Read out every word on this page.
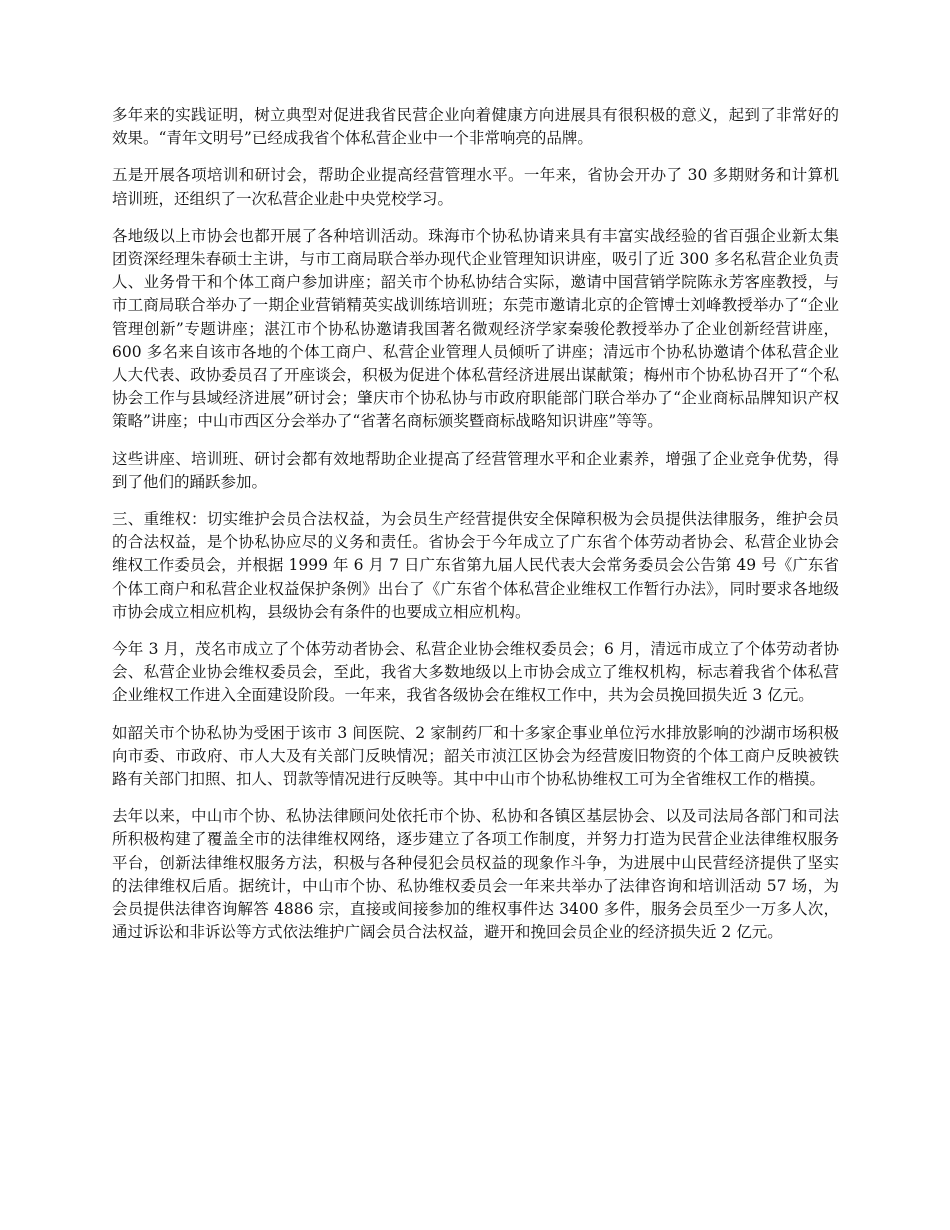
多年来的实践证明，树立典型对促进我省民营企业向着健康方向进展具有很积极的意义，起到了非常好的效果。“青年文明号”已经成我省个体私营企业中一个非常响亮的品牌。

五是开展各项培训和研讨会，帮助企业提高经营管理水平。一年来，省协会开办了 30 多期财务和计算机培训班，还组织了一次私营企业赴中央党校学习。

各地级以上市协会也都开展了各种培训活动。珠海市个协私协请来具有丰富实战经验的省百强企业新太集团资深经理朱春硕士主讲，与市工商局联合举办现代企业管理知识讲座，吸引了近 300 多名私营企业负责人、业务骨干和个体工商户参加讲座；韶关市个协私协结合实际，邀请中国营销学院陈永芳客座教授，与市工商局联合举办了一期企业营销精英实战训练培训班；东莞市邀请北京的企管博士刘峰教授举办了“企业管理创新”专题讲座；湛江市个协私协邀请我国著名微观经济学家秦骏伦教授举办了企业创新经营讲座，600 多名来自该市各地的个体工商户、私营企业管理人员倾听了讲座；清远市个协私协邀请个体私营企业人大代表、政协委员召了开座谈会，积极为促进个体私营经济进展出谋献策；梅州市个协私协召开了“个私协会工作与县域经济进展”研讨会；肇庆市个协私协与市政府职能部门联合举办了“企业商标品牌知识产权策略”讲座；中山市西区分会举办了“省著名商标颁奖暨商标战略知识讲座”等等。

这些讲座、培训班、研讨会都有效地帮助企业提高了经营管理水平和企业素养，增强了企业竞争优势，得到了他们的踊跃参加。

三、重维权：切实维护会员合法权益，为会员生产经营提供安全保障积极为会员提供法律服务，维护会员的合法权益，是个协私协应尽的义务和责任。省协会于今年成立了广东省个体劳动者协会、私营企业协会维权工作委员会，并根据 1999 年 6 月 7 日广东省第九届人民代表大会常务委员会公告第 49 号《广东省个体工商户和私营企业权益保护条例》出台了《广东省个体私营企业维权工作暂行办法》，同时要求各地级市协会成立相应机构，县级协会有条件的也要成立相应机构。

今年 3 月，茂名市成立了个体劳动者协会、私营企业协会维权委员会；6 月，清远市成立了个体劳动者协会、私营企业协会维权委员会，至此，我省大多数地级以上市协会成立了维权机构，标志着我省个体私营企业维权工作进入全面建设阶段。一年来，我省各级协会在维权工作中，共为会员挽回损失近 3 亿元。

如韶关市个协私协为受困于该市 3 间医院、2 家制药厂和十多家企事业单位污水排放影响的沙湖市场积极向市委、市政府、市人大及有关部门反映情况；韶关市浈江区协会为经营废旧物资的个体工商户反映被铁路有关部门扣照、扣人、罚款等情况进行反映等。其中中山市个协私协维权工可为全省维权工作的楷摸。

去年以来，中山市个协、私协法律顾问处依托市个协、私协和各镇区基层协会、以及司法局各部门和司法所积极构建了覆盖全市的法律维权网络，逐步建立了各项工作制度，并努力打造为民营企业法律维权服务平台，创新法律维权服务方法，积极与各种侵犯会员权益的现象作斗争，为进展中山民营经济提供了坚实的法律维权后盾。据统计，中山市个协、私协维权委员会一年来共举办了法律咨询和培训活动 57 场，为会员提供法律咨询解答 4886 宗，直接或间接参加的维权事件达 3400 多件，服务会员至少一万多人次，通过诉讼和非诉讼等方式依法维护广阔会员合法权益，避开和挽回会员企业的经济损失近 2 亿元。
